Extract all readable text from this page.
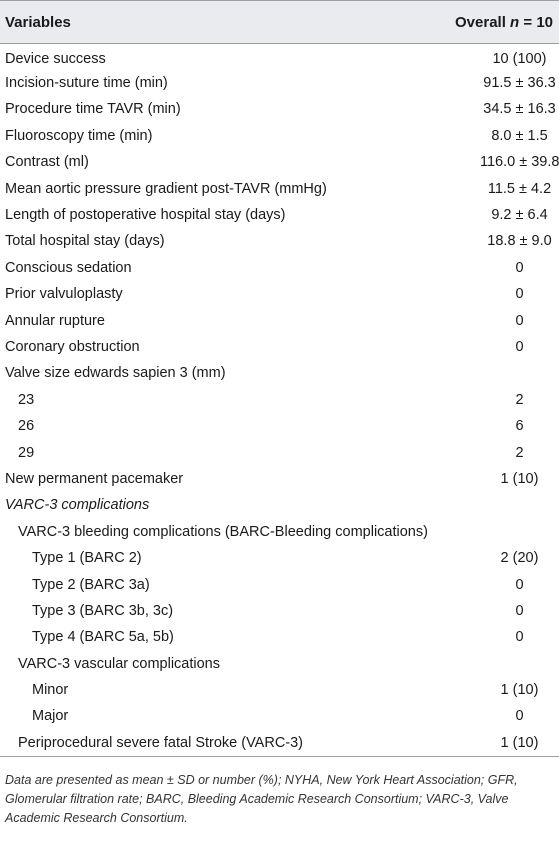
Variables	Overall n = 10
Device success	10 (100)
Incision-suture time (min)	91.5 ± 36.3
Procedure time TAVR (min)	34.5 ± 16.3
Fluoroscopy time (min)	8.0 ± 1.5
Contrast (ml)	116.0 ± 39.8
Mean aortic pressure gradient post-TAVR (mmHg)	11.5 ± 4.2
Length of postoperative hospital stay (days)	9.2 ± 6.4
Total hospital stay (days)	18.8 ± 9.0
Conscious sedation	0
Prior valvuloplasty	0
Annular rupture	0
Coronary obstruction	0
Valve size edwards sapien 3 (mm)	
23	2
26	6
29	2
New permanent pacemaker	1 (10)
VARC-3 complications	
VARC-3 bleeding complications (BARC-Bleeding complications)	
Type 1 (BARC 2)	2 (20)
Type 2 (BARC 3a)	0
Type 3 (BARC 3b, 3c)	0
Type 4 (BARC 5a, 5b)	0
VARC-3 vascular complications	
Minor	1 (10)
Major	0
Periprocedural severe fatal Stroke (VARC-3)	1 (10)
Data are presented as mean ± SD or number (%); NYHA, New York Heart Association; GFR, Glomerular filtration rate; BARC, Bleeding Academic Research Consortium; VARC-3, Valve Academic Research Consortium.
